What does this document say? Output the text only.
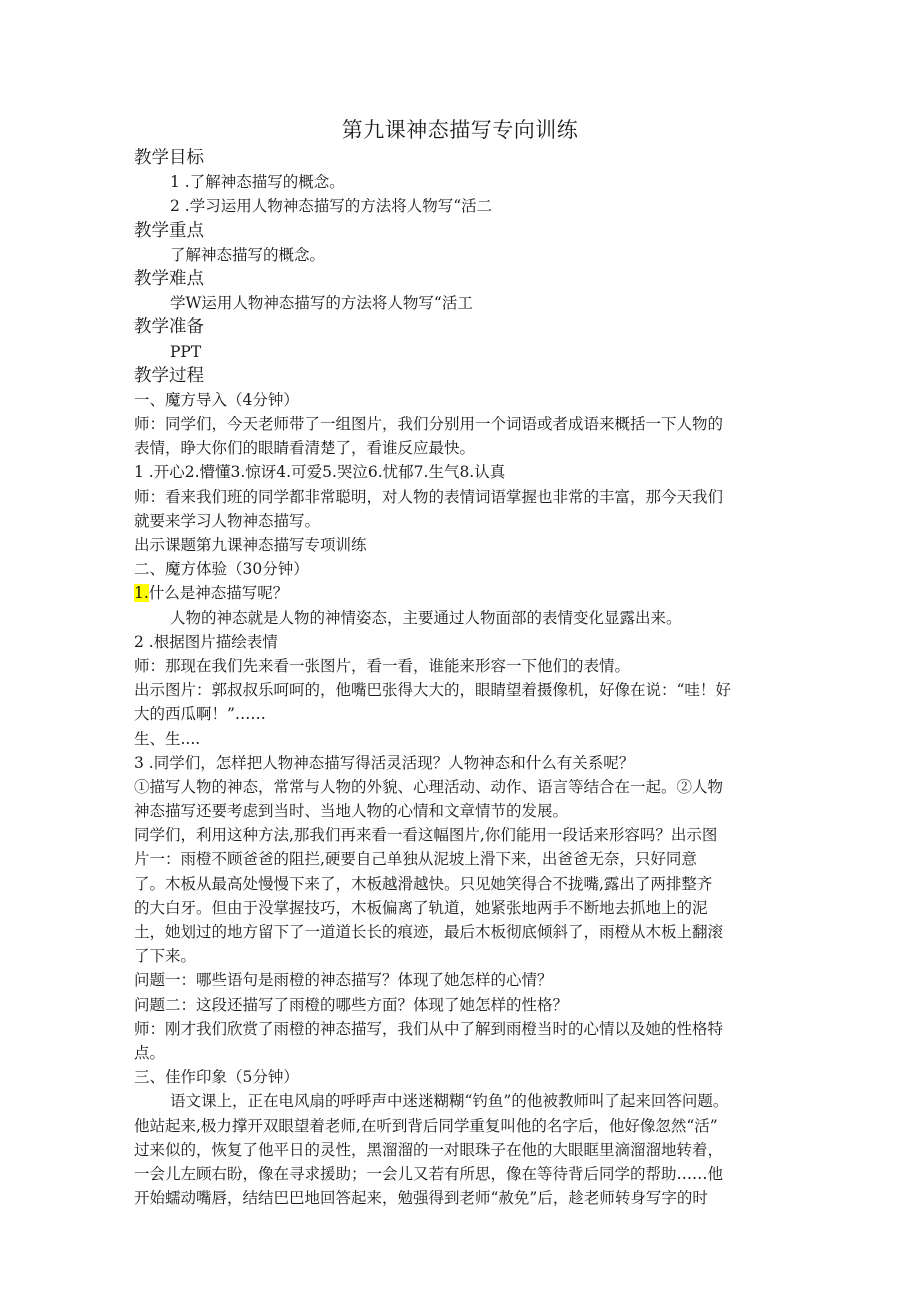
第九课神态描写专向训练
教学目标
1 .了解神态描写的概念。
2 .学习运用人物神态描写的方法将人物写“活二
教学重点
了解神态描写的概念。
教学难点
学W运用人物神态描写的方法将人物写“活工
教学准备
PPT
教学过程
一、魔方导入（4分钟）
师：同学们，今天老师带了一组图片，我们分别用一个词语或者成语来概括一下人物的
表情，睁大你们的眼睛看清楚了，看谁反应最快。
1 .开心2.懵懂3.惊讶4.可爱5.哭泣6.忧郁7.生气8.认真
师：看来我们班的同学都非常聪明，对人物的表情词语掌握也非常的丰富，那今天我们
就要来学习人物神态描写。
出示课题第九课神态描写专项训练
二、魔方体验（30分钟）
1.什么是神态描写呢？
人物的神态就是人物的神情姿态，主要通过人物面部的表情变化显露出来。
2 .根据图片描绘表情
师：那现在我们先来看一张图片，看一看，谁能来形容一下他们的表情。
出示图片：郭叔叔乐呵呵的，他嘴巴张得大大的，眼睛望着摄像机，好像在说：“哇！好
大的西瓜啊！”……
生、生....
3 .同学们，怎样把人物神态描写得活灵活现？人物神态和什么有关系呢？
①描写人物的神态，常常与人物的外貌、心理活动、动作、语言等结合在一起。②人物
神态描写还要考虑到当时、当地人物的心情和文章情节的发展。
同学们，利用这种方法,那我们再来看一看这幅图片,你们能用一段话来形容吗？出示图
片一：雨橙不顾爸爸的阻拦,硬要自己单独从泥坡上滑下来，出爸爸无奈，只好同意
了。木板从最高处慢慢下来了，木板越滑越快。只见她笑得合不拢嘴,露出了两排整齐
的大白牙。但由于没掌握技巧，木板偏离了轨道，她紧张地两手不断地去抓地上的泥
土，她划过的地方留下了一道道长长的痕迹，最后木板彻底倾斜了，雨橙从木板上翻滚
了下来。
问题一：哪些语句是雨橙的神态描写？体现了她怎样的心情？
问题二：这段还描写了雨橙的哪些方面？体现了她怎样的性格？
师：刚才我们欣赏了雨橙的神态描写，我们从中了解到雨橙当时的心情以及她的性格特
点。
三、佳作印象（5分钟）
语文课上，正在电风扇的呼呼声中迷迷糊糊“钓鱼”的他被教师叫了起来回答问题。
他站起来,极力撑开双眼望着老师,在听到背后同学重复叫他的名字后，他好像忽然“活”
过来似的，恢复了他平日的灵性，黑溜溜的一对眼珠子在他的大眼眶里滴溜溜地转着，
一会儿左顾右盼，像在寻求援助；一会儿又若有所思，像在等待背后同学的帮助……他
开始蠕动嘴唇，结结巴巴地回答起来，勉强得到老师“赦免”后，趁老师转身写字的时
